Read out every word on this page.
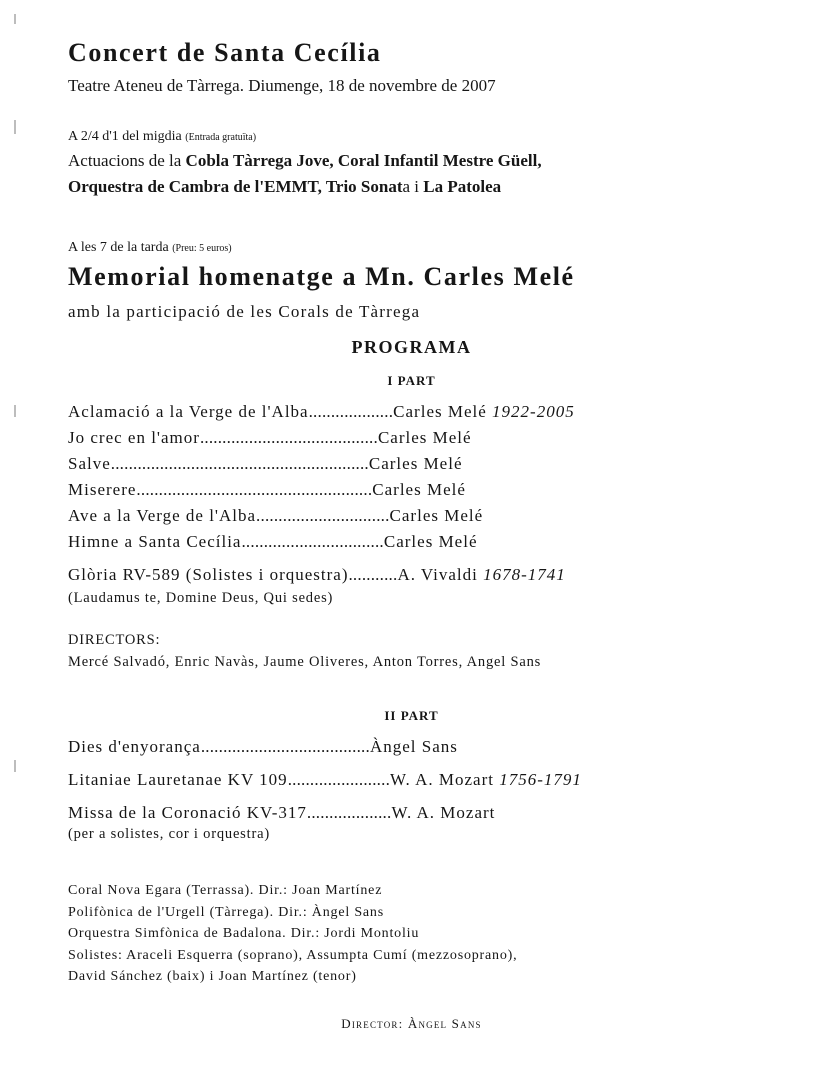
Concert de Santa Cecília
Teatre Ateneu de Tàrrega. Diumenge, 18 de novembre de 2007
A 2/4 d'1 del migdia (Entrada gratuïta)
Actuacions de la Cobla Tàrrega Jove, Coral Infantil Mestre Güell,
Orquestra de Cambra de l'EMMT, Trio Sonata i La Patolea
A les 7 de la tarda (Preu: 5 euros)
Memorial homenatge a Mn. Carles Melé
amb la participació de les Corals de Tàrrega
PROGRAMA
I PART
Aclamació a la Verge de l'Alba...................Carles Melé 1922-2005
Jo crec en l'amor........................................Carles Melé
Salve..........................................................Carles Melé
Miserere.....................................................Carles Melé
Ave a la Verge de l'Alba..............................Carles Melé
Himne a Santa Cecília................................Carles Melé
Glòria RV-589 (Solistes i orquestra)...........A. Vivaldi 1678-1741
(Laudamus te, Domine Deus, Qui sedes)
DIRECTORS:
Mercé Salvadó, Enric Navàs, Jaume Oliveres, Anton Torres, Angel Sans
II PART
Dies d'enyorança......................................Àngel Sans
Litaniae Lauretanae KV 109.......................W. A. Mozart 1756-1791
Missa de la Coronació KV-317...................W. A. Mozart
(per a solistes, cor i orquestra)
Coral Nova Egara (Terrassa). Dir.: Joan Martínez
Polifònica de l'Urgell (Tàrrega). Dir.: Àngel Sans
Orquestra Simfònica de Badalona. Dir.: Jordi Montoliu
Solistes: Araceli Esquerra (soprano), Assumpta Cumí (mezzosoprano),
David Sánchez (baix) i Joan Martínez (tenor)
Director: Àngel Sans
